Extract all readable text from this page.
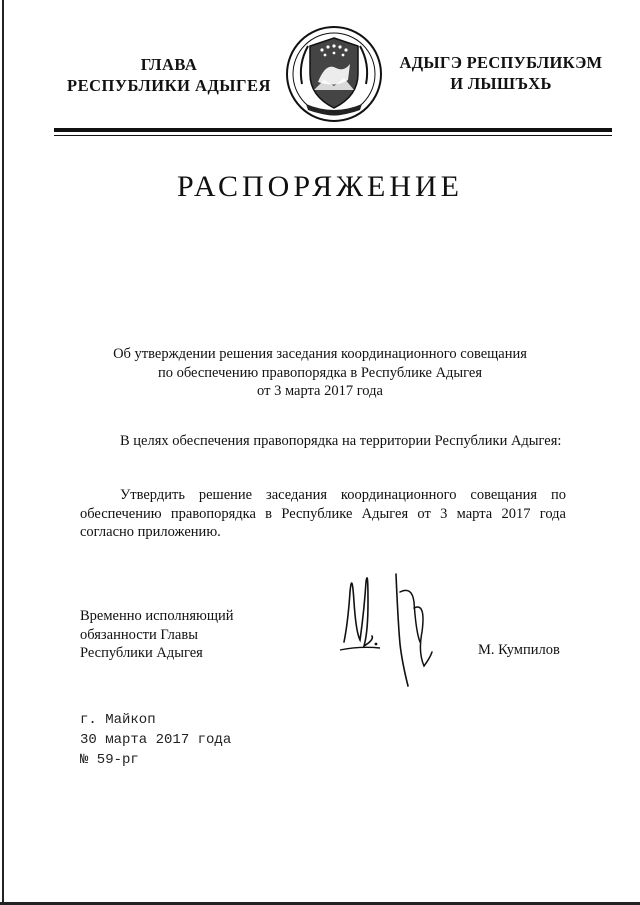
ГЛАВА
РЕСПУБЛИКИ АДЫГЕЯ
АДЫГЭ РЕСПУБЛИКЭМ
И ЛЫШЪХЬ
РАСПОРЯЖЕНИЕ
Об утверждении решения заседания координационного совещания
по обеспечению правопорядка в Республике Адыгея
от 3 марта 2017 года
В целях обеспечения правопорядка на территории Республики Адыгея:
Утвердить решение заседания координационного совещания по обеспечению правопорядка в Республике Адыгея от 3 марта 2017 года согласно приложению.
Временно исполняющий
обязанности Главы
Республики Адыгея	М. Кумпилов
г. Майкоп
30 марта 2017 года
№ 59-рг
